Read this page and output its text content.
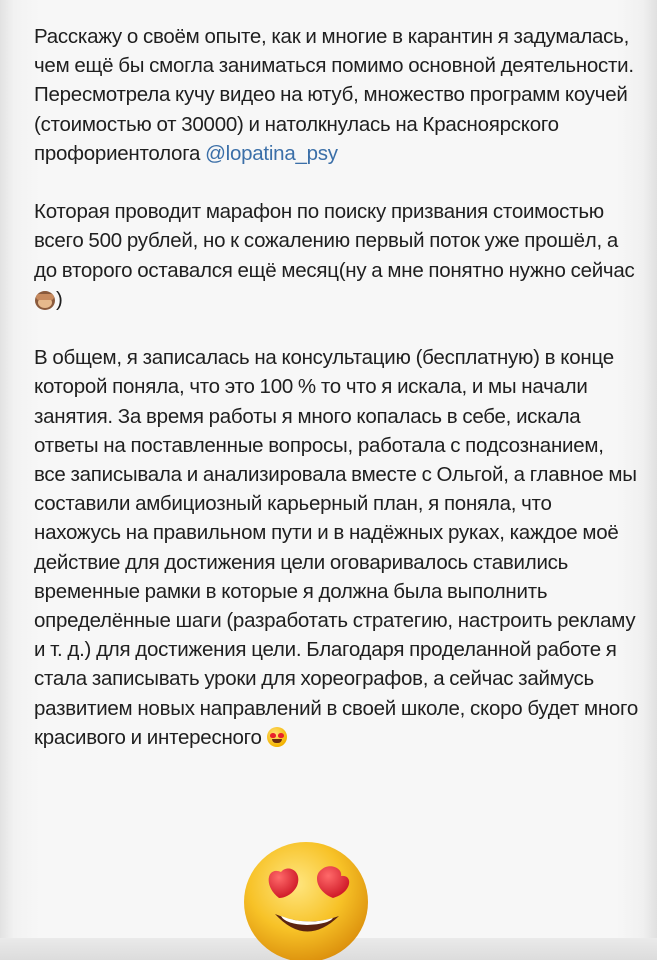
Расскажу о своём опыте, как и многие в карантин я задумалась, чем ещё бы смогла заниматься помимо основной деятельности. Пересмотрела кучу видео на ютуб, множество программ коучей (стоимостью от 30000) и натолкнулась на Красноярского профориентолога @lopatina_psy

Которая проводит марафон по поиску призвания стоимостью всего 500 рублей, но к сожалению первый поток уже прошёл, а до второго оставался ещё месяц(ну а мне понятно нужно сейчас
)

В общем, я записалась на консультацию (бесплатную) в конце которой поняла, что это 100 % то что я искала, и мы начали занятия. За время работы я много копалась в себе, искала ответы на поставленные вопросы, работала с подсознанием, все записывала и анализировала вместе с Ольгой, а главное мы составили амбициозный карьерный план, я поняла, что нахожусь на правильном пути и в надёжных руках, каждое моё действие для достижения цели оговаривалось ставились временные рамки в которые я должна была выполнить определённые шаги (разработать стратегию, настроить рекламу и т. д.) для достижения цели. Благодаря проделанной работе я стала записывать уроки для хореографов, а сейчас займусь развитием новых направлений в своей школе, скоро будет много красивого и интересного
